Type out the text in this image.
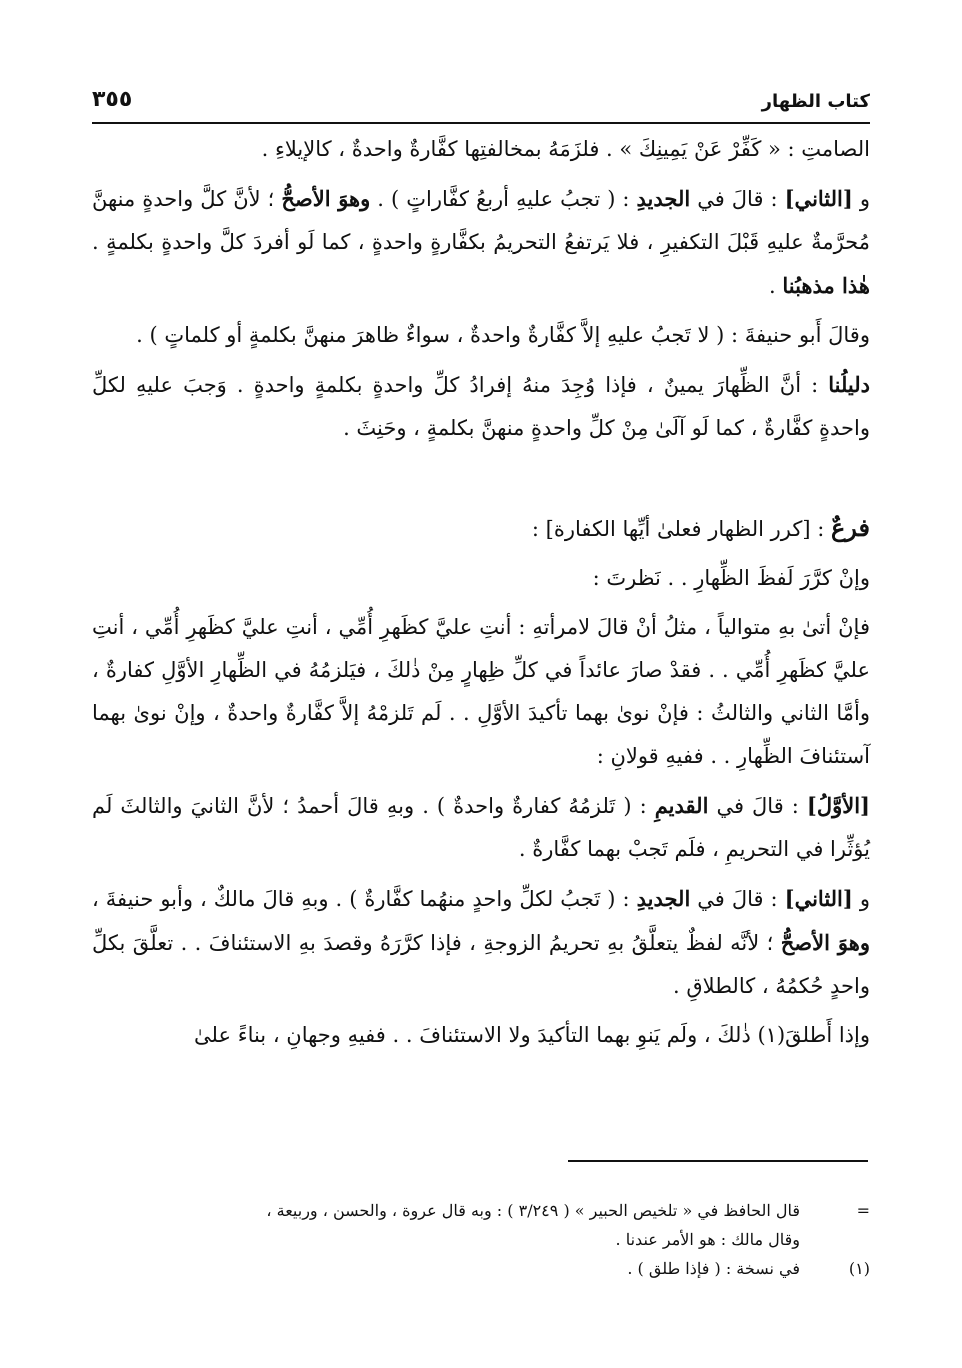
كتاب الظهار
٣٥٥

الصامتِ : « كَفِّرْ عَنْ يَمِينِكَ » . فلزَمَهُ بمخالفتِها كفَّارةٌ واحدةٌ ، كالإيلاءِ .

و [الثاني] : قالَ في الجديدِ : ( تجبُ عليهِ أربعُ كفَّاراتٍ ) . وهوَ الأصحُّ ؛ لأنَّ كلَّ واحدةٍ منهنَّ مُحرَّمةٌ عليهِ قَبْلَ التكفيرِ ، فلا يَرتفعُ التحريمُ بكفَّارةٍ واحدةٍ ، كما لَو أفردَ كلَّ واحدةٍ بكلمةٍ . هٰذا مذهبُنا .

وقالَ أَبو حنيفةَ : ( لا تَجبُ عليهِ إلاَّ كفَّارةٌ واحدةٌ ، سواءٌ ظاهرَ منهنَّ بكلمةٍ أو كلماتٍ ) .

دليلُنا : أنَّ الظِّهارَ يمينٌ ، فإذا وُجِدَ منهُ إفرادُ كلِّ واحدةٍ بكلمةٍ واحدةٍ . وَجبَ عليهِ لكلِّ واحدةٍ كفَّارةٌ ، كما لَو آلَىٰ مِنْ كلِّ واحدةٍ منهنَّ بكلمةٍ ، وحَنِثَ .

فرعٌ : [كرر الظهار فعلىٰ أيِّها الكفارة] :

وإنْ كرَّرَ لَفظَ الظِّهارِ . . نَظرتَ :

فإنْ أتىٰ بهِ متوالياً ، مثلُ أنْ قالَ لامرأتهِ : أنتِ عليَّ كظَهرِ أُمِّي ، أنتِ عليَّ كظَهرِ أُمِّي ، أنتِ عليَّ كظَهرِ أُمِّي . . فقدْ صارَ عائداً في كلِّ ظِهارٍ مِنْ ذٰلكَ ، فيَلزمُهُ في الظِّهارِ الأوَّلِ كفارةٌ ، وأمَّا الثاني والثالثُ : فإنْ نوىٰ بهما تأكيدَ الأوَّلِ . . لَم تَلزمْهُ إلاَّ كفَّارةٌ واحدةٌ ، وإنْ نوىٰ بهما آستئنافَ الظِّهارِ . . ففيهِ قولانِ :

[الأوَّلُ] : قالَ في القديمِ : ( تَلزمُهُ كفارةٌ واحدةٌ ) . وبهِ قالَ أحمدُ ؛ لأنَّ الثانيَ والثالثَ لَم يُؤثِّرا في التحريمِ ، فلَم تَجبْ بهما كفَّارةٌ .

و [الثاني] : قالَ في الجديدِ : ( تَجبُ لكلِّ واحدٍ منهُما كفَّارةٌ ) . وبهِ قالَ مالكٌ ، وأبو حنيفةَ ، وهوَ الأصحُّ ؛ لأنَّه لفظٌ يتعلَّقُ بهِ تحريمُ الزوجةِ ، فإذا كرَّرَهُ وقصدَ بهِ الاستئنافَ . . تعلَّقَ بكلِّ واحدٍ حُكمُهُ ، كالطلاقِ .

وإذا أَطلقَ(١) ذٰلكَ ، ولَم يَنوِ بهما التأكيدَ ولا الاستئنافَ . . ففيهِ وجهانِ ، بناءً علىٰ

=
قال الحافظ في « تلخيص الحبير » ( ٣/٢٤٩ ) : وبه قال عروة ، والحسن ، وربيعة ،
وقال مالك : هو الأمر عندنا .
(١)
في نسخة : ( فإذا طلق ) .
